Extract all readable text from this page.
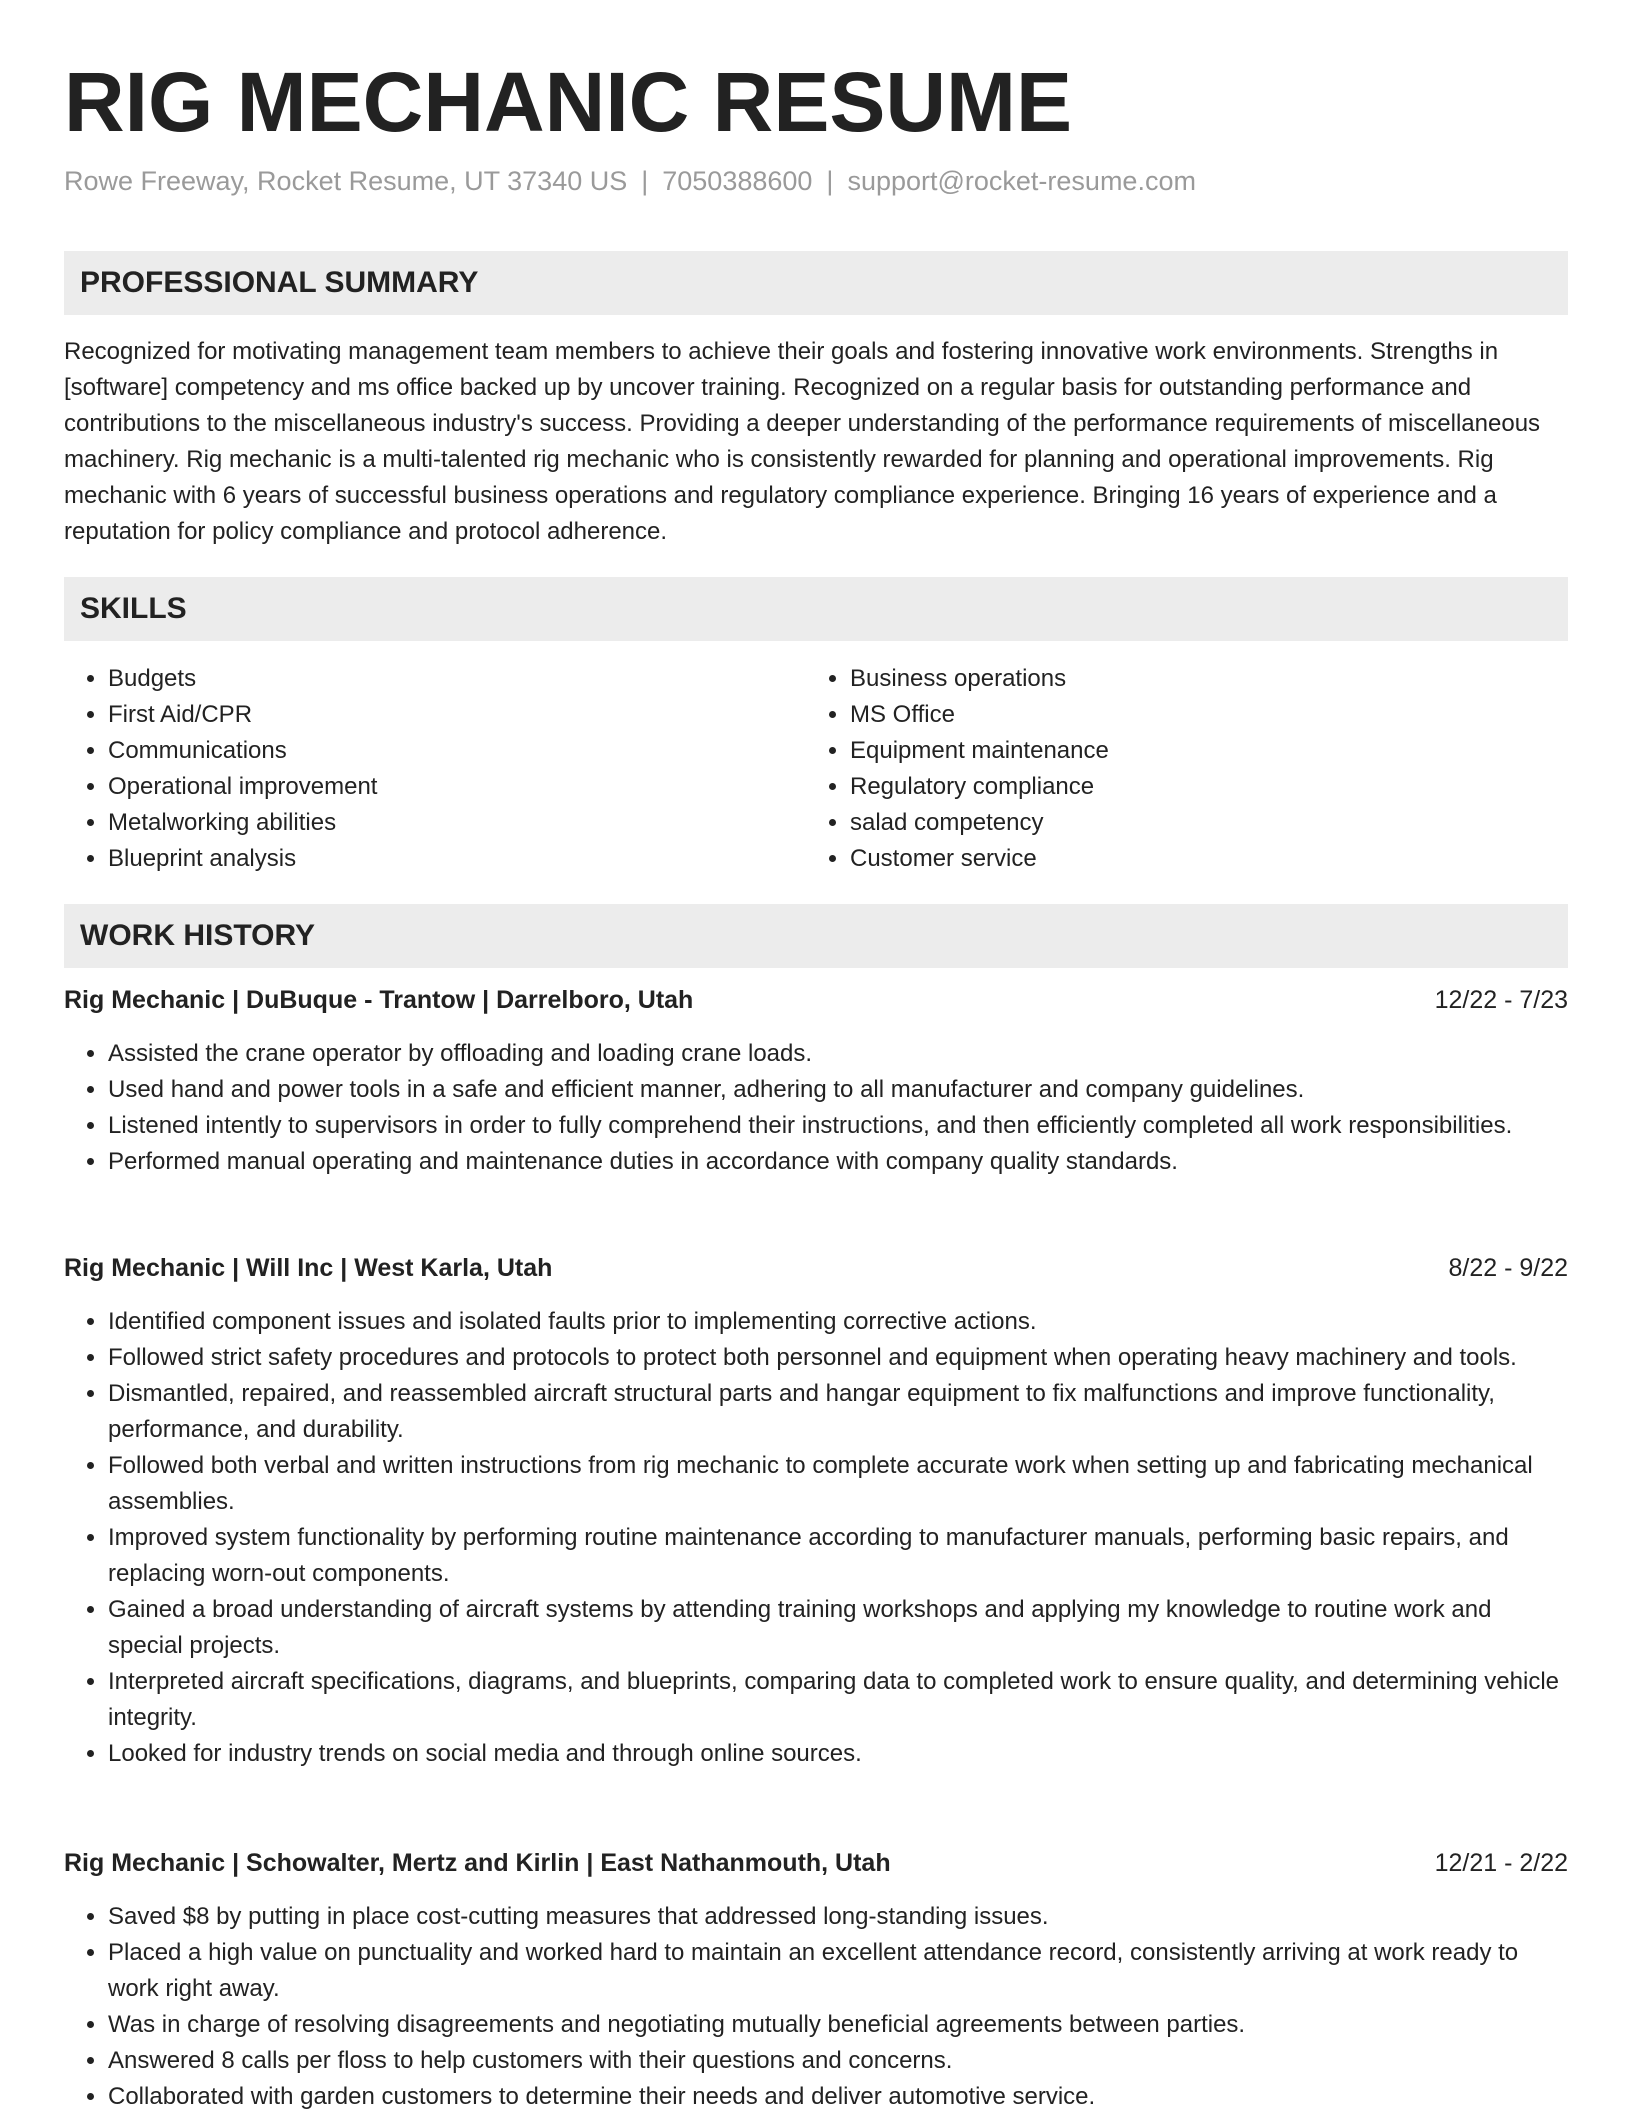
RIG MECHANIC RESUME
Rowe Freeway, Rocket Resume, UT 37340 US | 7050388600 | support@rocket-resume.com
PROFESSIONAL SUMMARY
Recognized for motivating management team members to achieve their goals and fostering innovative work environments. Strengths in [software] competency and ms office backed up by uncover training. Recognized on a regular basis for outstanding performance and contributions to the miscellaneous industry's success. Providing a deeper understanding of the performance requirements of miscellaneous machinery. Rig mechanic is a multi-talented rig mechanic who is consistently rewarded for planning and operational improvements. Rig mechanic with 6 years of successful business operations and regulatory compliance experience. Bringing 16 years of experience and a reputation for policy compliance and protocol adherence.
SKILLS
• Budgets
• First Aid/CPR
• Communications
• Operational improvement
• Metalworking abilities
• Blueprint analysis
• Business operations
• MS Office
• Equipment maintenance
• Regulatory compliance
• salad competency
• Customer service
WORK HISTORY
Rig Mechanic | DuBuque - Trantow | Darrelboro, Utah	12/22 - 7/23
• Assisted the crane operator by offloading and loading crane loads.
• Used hand and power tools in a safe and efficient manner, adhering to all manufacturer and company guidelines.
• Listened intently to supervisors in order to fully comprehend their instructions, and then efficiently completed all work responsibilities.
• Performed manual operating and maintenance duties in accordance with company quality standards.
Rig Mechanic | Will Inc | West Karla, Utah	8/22 - 9/22
• Identified component issues and isolated faults prior to implementing corrective actions.
• Followed strict safety procedures and protocols to protect both personnel and equipment when operating heavy machinery and tools.
• Dismantled, repaired, and reassembled aircraft structural parts and hangar equipment to fix malfunctions and improve functionality, performance, and durability.
• Followed both verbal and written instructions from rig mechanic to complete accurate work when setting up and fabricating mechanical assemblies.
• Improved system functionality by performing routine maintenance according to manufacturer manuals, performing basic repairs, and replacing worn-out components.
• Gained a broad understanding of aircraft systems by attending training workshops and applying my knowledge to routine work and special projects.
• Interpreted aircraft specifications, diagrams, and blueprints, comparing data to completed work to ensure quality, and determining vehicle integrity.
• Looked for industry trends on social media and through online sources.
Rig Mechanic | Schowalter, Mertz and Kirlin | East Nathanmouth, Utah	12/21 - 2/22
• Saved $8 by putting in place cost-cutting measures that addressed long-standing issues.
• Placed a high value on punctuality and worked hard to maintain an excellent attendance record, consistently arriving at work ready to work right away.
• Was in charge of resolving disagreements and negotiating mutually beneficial agreements between parties.
• Answered 8 calls per floss to help customers with their questions and concerns.
• Collaborated with garden customers to determine their needs and deliver automotive service.
